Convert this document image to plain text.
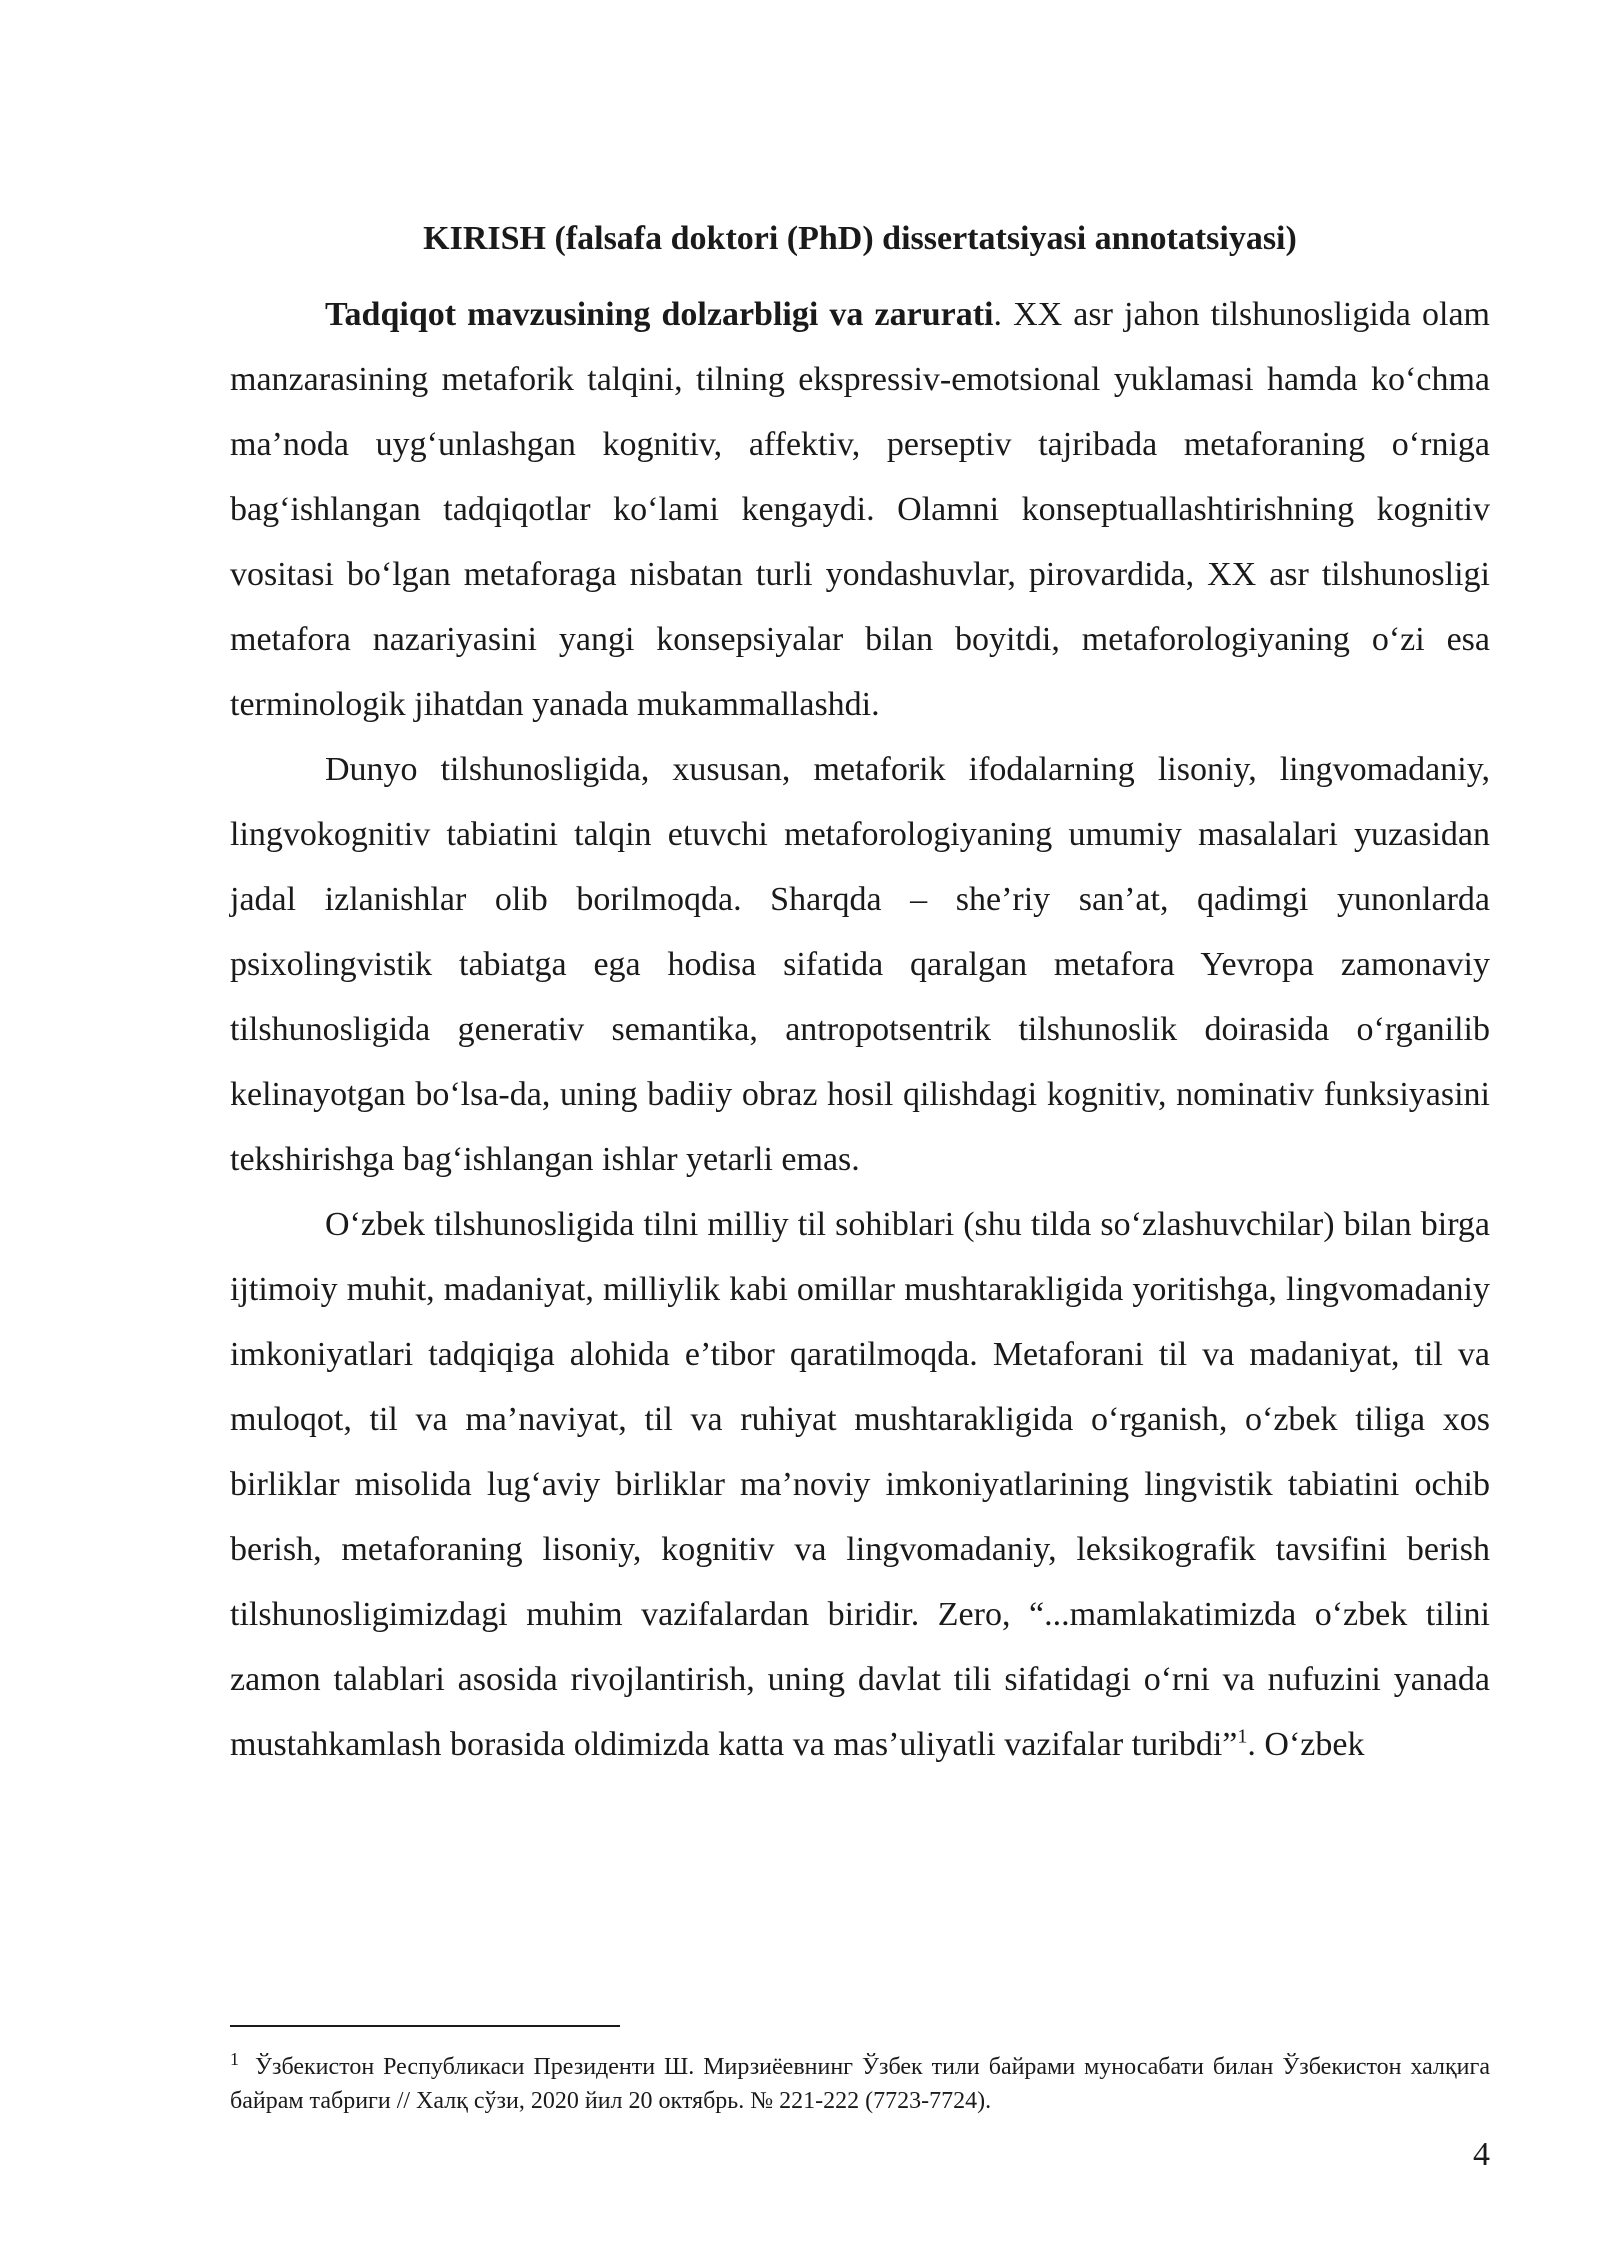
KIRISH (falsafa doktori (PhD) dissertatsiyasi annotatsiyasi)

Tadqiqot mavzusining dolzarbligi va zarurati. XX asr jahon tilshunosligida olam manzarasining metaforik talqini, tilning ekspressiv-emotsional yuklamasi hamda ko‘chma ma’noda uyg‘unlashgan kognitiv, affektiv, perseptiv tajribada metaforaning o‘rniga bag‘ishlangan tadqiqotlar ko‘lami kengaydi. Olamni konseptuallashtirishning kognitiv vositasi bo‘lgan metaforaga nisbatan turli yondashuvlar, pirovardida, XX asr tilshunosligi metafora nazariyasini yangi konsepsiyalar bilan boyitdi, metaforologiyaning o‘zi esa terminologik jihatdan yanada mukammallashdi.

Dunyo tilshunosligida, xususan, metaforik ifodalarning lisoniy, lingvomadaniy, lingvokognitiv tabiatini talqin etuvchi metaforologiyaning umumiy masalalari yuzasidan jadal izlanishlar olib borilmoqda. Sharqda – she’riy san’at, qadimgi yunonlarda psixolingvistik tabiatga ega hodisa sifatida qaralgan metafora Yevropa zamonaviy tilshunosligida generativ semantika, antropotsentrik tilshunoslik doirasida o‘rganilib kelinayotgan bo‘lsa-da, uning badiiy obraz hosil qilishdagi kognitiv, nominativ funksiyasini tekshirishga bag‘ishlangan ishlar yetarli emas.

O‘zbek tilshunosligida tilni milliy til sohiblari (shu tilda so‘zlashuvchilar) bilan birga ijtimoiy muhit, madaniyat, milliylik kabi omillar mushtarakligida yoritishga, lingvomadaniy imkoniyatlari tadqiqiga alohida e’tibor qaratilmoqda. Metaforani til va madaniyat, til va muloqot, til va ma’naviyat, til va ruhiyat mushtarakligida o‘rganish, o‘zbek tiliga xos birliklar misolida lug‘aviy birliklar ma’noviy imkoniyatlarining lingvistik tabiatini ochib berish, metaforaning lisoniy, kognitiv va lingvomadaniy, leksikografik tavsifini berish tilshunosligimizdagi muhim vazifalardan biridir. Zero, “...mamlakatimizda o‘zbek tilini zamon talablari asosida rivojlantirish, uning davlat tili sifatidagi o‘rni va nufuzini yanada mustahkamlash borasida oldimizda katta va mas’uliyatli vazifalar turibdi”$^1$. O‘zbek

$^1$ Ўзбекистон Республикаси Президенти Ш. Мирзиёевнинг Ўзбек тили байрами муносабати билан Ўзбекистон халқига байрам табриги // Халқ сўзи, 2020 йил 20 октябрь. № 221-222 (7723-7724).

4
